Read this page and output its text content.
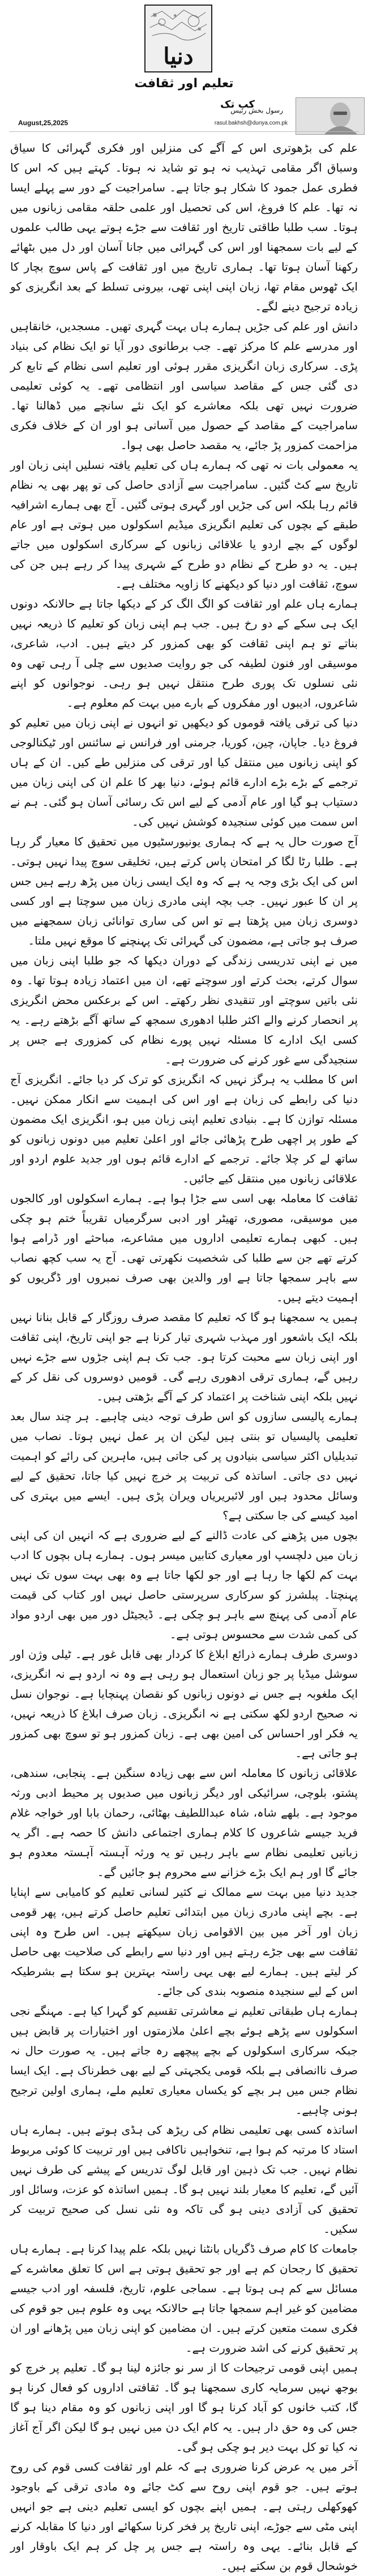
دنیا
تعلیم اور ثقافت
August,25,2025
کب تک
رسول بخش رئیس
rasul.bakhsh@dunya.com.pk

علم کی بڑھوتری اس کے آگے کی منزلیں اور فکری گہرائی کا سیاق وسباق اگر مقامی تہذیب نہ ہو تو شاید نہ ہوتا۔ کہتے ہیں کہ اس کا فطری عمل جمود کا شکار ہو جاتا ہے۔ سامراجیت کے دور سے پہلے ایسا نہ تھا۔ علم کا فروغ، اس کی تحصیل اور علمی حلقہ مقامی زبانوں میں ہوتا۔ سب طلبا طاقتی تاریخ اور ثقافت سے جڑے ہوتے یہی طالب علموں کے لیے بات سمجھنا اور اس کی گہرائی میں جانا آسان اور دل میں بٹھائے رکھنا آسان ہوتا تھا۔ ہماری تاریخ میں اور ثقافت کے پاس سوچ بچار کا ایک ٹھوس مقام تھا، زبان اپنی اپنی تھی، بیرونی تسلط کے بعد انگریزی کو زیادہ ترجیح دینے لگے۔

دانش اور علم کی جڑیں ہمارے ہاں بہت گہری تھیں۔ مسجدیں، خانقاہیں اور مدرسے علم کا مرکز تھے۔ جب برطانوی دور آیا تو ایک نظام کی بنیاد پڑی۔ سرکاری زبان انگریزی مقرر ہوئی اور تعلیم اسی نظام کے تابع کر دی گئی جس کے مقاصد سیاسی اور انتظامی تھے۔ یہ کوئی تعلیمی ضرورت نہیں تھی بلکہ معاشرے کو ایک نئے سانچے میں ڈھالنا تھا۔ سامراجیت کے مقاصد کے حصول میں آسانی ہو اور ان کے خلاف فکری مزاحمت کمزور پڑ جائے، یہ مقصد حاصل بھی ہوا۔

یہ معمولی بات نہ تھی کہ ہمارے ہاں کی تعلیم یافتہ نسلیں اپنی زبان اور تاریخ سے کٹ گئیں۔ سامراجیت سے آزادی حاصل کی تو پھر بھی یہ نظام قائم رہا بلکہ اس کی جڑیں اور گہری ہوتی گئیں۔ آج بھی ہمارے اشرافیہ طبقے کے بچوں کی تعلیم انگریزی میڈیم اسکولوں میں ہوتی ہے اور عام لوگوں کے بچے اردو یا علاقائی زبانوں کے سرکاری اسکولوں میں جاتے ہیں۔ یہ دو طرح کے نظام دو طرح کے شہری پیدا کر رہے ہیں جن کی سوچ، ثقافت اور دنیا کو دیکھنے کا زاویہ مختلف ہے۔

ہمارے ہاں علم اور ثقافت کو الگ الگ کر کے دیکھا جاتا ہے حالانکہ دونوں ایک ہی سکے کے دو رخ ہیں۔ جب ہم اپنی زبان کو تعلیم کا ذریعہ نہیں بناتے تو ہم اپنی ثقافت کو بھی کمزور کر دیتے ہیں۔ ادب، شاعری، موسیقی اور فنون لطیفہ کی جو روایت صدیوں سے چلی آ رہی تھی وہ نئی نسلوں تک پوری طرح منتقل نہیں ہو رہی۔ نوجوانوں کو اپنے شاعروں، ادیبوں اور مفکروں کے بارے میں بہت کم معلوم ہے۔

دنیا کی ترقی یافتہ قوموں کو دیکھیں تو انہوں نے اپنی زبان میں تعلیم کو فروغ دیا۔ جاپان، چین، کوریا، جرمنی اور فرانس نے سائنس اور ٹیکنالوجی کو اپنی زبانوں میں منتقل کیا اور ترقی کی منزلیں طے کیں۔ ان کے ہاں ترجمے کے بڑے بڑے ادارے قائم ہوئے، دنیا بھر کا علم ان کی اپنی زبان میں دستیاب ہو گیا اور عام آدمی کے لیے اس تک رسائی آسان ہو گئی۔ ہم نے اس سمت میں کوئی سنجیدہ کوشش نہیں کی۔

آج صورت حال یہ ہے کہ ہماری یونیورسٹیوں میں تحقیق کا معیار گر رہا ہے۔ طلبا رٹا لگا کر امتحان پاس کرتے ہیں، تخلیقی سوچ پیدا نہیں ہوتی۔ اس کی ایک بڑی وجہ یہ ہے کہ وہ ایک ایسی زبان میں پڑھ رہے ہیں جس پر ان کا عبور نہیں۔ جب بچہ اپنی مادری زبان میں سوچتا ہے اور کسی دوسری زبان میں پڑھتا ہے تو اس کی ساری توانائی زبان سمجھنے میں صرف ہو جاتی ہے، مضمون کی گہرائی تک پہنچنے کا موقع نہیں ملتا۔

میں نے اپنی تدریسی زندگی کے دوران دیکھا کہ جو طلبا اپنی زبان میں سوال کرتے، بحث کرتے اور سوچتے تھے، ان میں اعتماد زیادہ ہوتا تھا۔ وہ نئی باتیں سوچتے اور تنقیدی نظر رکھتے۔ اس کے برعکس محض انگریزی پر انحصار کرنے والے اکثر طلبا ادھوری سمجھ کے ساتھ آگے بڑھتے رہے۔ یہ کسی ایک ادارے کا مسئلہ نہیں پورے نظام کی کمزوری ہے جس پر سنجیدگی سے غور کرنے کی ضرورت ہے۔

اس کا مطلب یہ ہرگز نہیں کہ انگریزی کو ترک کر دیا جائے۔ انگریزی آج دنیا کی رابطے کی زبان ہے اور اس کی اہمیت سے انکار ممکن نہیں۔ مسئلہ توازن کا ہے۔ بنیادی تعلیم اپنی زبان میں ہو، انگریزی ایک مضمون کے طور پر اچھی طرح پڑھائی جائے اور اعلیٰ تعلیم میں دونوں زبانوں کو ساتھ لے کر چلا جائے۔ ترجمے کے ادارے قائم ہوں اور جدید علوم اردو اور علاقائی زبانوں میں منتقل کیے جائیں۔

ثقافت کا معاملہ بھی اسی سے جڑا ہوا ہے۔ ہمارے اسکولوں اور کالجوں میں موسیقی، مصوری، تھیٹر اور ادبی سرگرمیاں تقریباً ختم ہو چکی ہیں۔ کبھی ہمارے تعلیمی اداروں میں مشاعرے، مباحثے اور ڈرامے ہوا کرتے تھے جن سے طلبا کی شخصیت نکھرتی تھی۔ آج یہ سب کچھ نصاب سے باہر سمجھا جاتا ہے اور والدین بھی صرف نمبروں اور ڈگریوں کو اہمیت دیتے ہیں۔

ہمیں یہ سمجھنا ہو گا کہ تعلیم کا مقصد صرف روزگار کے قابل بنانا نہیں بلکہ ایک باشعور اور مہذب شہری تیار کرنا ہے جو اپنی تاریخ، اپنی ثقافت اور اپنی زبان سے محبت کرتا ہو۔ جب تک ہم اپنی جڑوں سے جڑے نہیں رہیں گے، ہماری ترقی ادھوری رہے گی۔ قومیں دوسروں کی نقل کر کے نہیں بلکہ اپنی شناخت پر اعتماد کر کے آگے بڑھتی ہیں۔

ہمارے پالیسی سازوں کو اس طرف توجہ دینی چاہیے۔ ہر چند سال بعد تعلیمی پالیسیاں تو بنتی ہیں لیکن ان پر عمل نہیں ہوتا۔ نصاب میں تبدیلیاں اکثر سیاسی بنیادوں پر کی جاتی ہیں، ماہرین کی رائے کو اہمیت نہیں دی جاتی۔ اساتذہ کی تربیت پر خرچ نہیں کیا جاتا، تحقیق کے لیے وسائل محدود ہیں اور لائبریریاں ویران پڑی ہیں۔ ایسے میں بہتری کی امید کیسے کی جا سکتی ہے؟

بچوں میں پڑھنے کی عادت ڈالنے کے لیے ضروری ہے کہ انہیں ان کی اپنی زبان میں دلچسپ اور معیاری کتابیں میسر ہوں۔ ہمارے ہاں بچوں کا ادب بہت کم لکھا جا رہا ہے اور جو لکھا جاتا ہے وہ بھی بہت سوں تک نہیں پہنچتا۔ پبلشرز کو سرکاری سرپرستی حاصل نہیں اور کتاب کی قیمت عام آدمی کی پہنچ سے باہر ہو چکی ہے۔ ڈیجیٹل دور میں بھی اردو مواد کی کمی شدت سے محسوس ہوتی ہے۔

دوسری طرف ہمارے ذرائع ابلاغ کا کردار بھی قابل غور ہے۔ ٹیلی وژن اور سوشل میڈیا پر جو زبان استعمال ہو رہی ہے وہ نہ اردو ہے نہ انگریزی، ایک ملغوبہ ہے جس نے دونوں زبانوں کو نقصان پہنچایا ہے۔ نوجوان نسل نہ صحیح اردو لکھ سکتی ہے نہ انگریزی۔ زبان صرف ابلاغ کا ذریعہ نہیں، یہ فکر اور احساس کی امین بھی ہے۔ زبان کمزور ہو تو سوچ بھی کمزور ہو جاتی ہے۔

علاقائی زبانوں کا معاملہ اس سے بھی زیادہ سنگین ہے۔ پنجابی، سندھی، پشتو، بلوچی، سرائیکی اور دیگر زبانوں میں صدیوں پر محیط ادبی ورثہ موجود ہے۔ بلھے شاہ، شاہ عبداللطیف بھٹائی، رحمان بابا اور خواجہ غلام فرید جیسے شاعروں کا کلام ہماری اجتماعی دانش کا حصہ ہے۔ اگر یہ زبانیں تعلیمی نظام سے باہر رہیں تو یہ ورثہ آہستہ آہستہ معدوم ہو جائے گا اور ہم ایک بڑے خزانے سے محروم ہو جائیں گے۔

جدید دنیا میں بہت سے ممالک نے کثیر لسانی تعلیم کو کامیابی سے اپنایا ہے۔ بچے اپنی مادری زبان میں ابتدائی تعلیم حاصل کرتے ہیں، پھر قومی زبان اور آخر میں بین الاقوامی زبان سیکھتے ہیں۔ اس طرح وہ اپنی ثقافت سے بھی جڑے رہتے ہیں اور دنیا سے رابطے کی صلاحیت بھی حاصل کر لیتے ہیں۔ ہمارے لیے بھی یہی راستہ بہترین ہو سکتا ہے بشرطیکہ اس کے لیے سنجیدہ منصوبہ بندی کی جائے۔

ہمارے ہاں طبقاتی تعلیم نے معاشرتی تقسیم کو گہرا کیا ہے۔ مہنگے نجی اسکولوں سے پڑھے ہوئے بچے اعلیٰ ملازمتوں اور اختیارات پر قابض ہیں جبکہ سرکاری اسکولوں کے بچے پیچھے رہ جاتے ہیں۔ یہ صورت حال نہ صرف ناانصافی ہے بلکہ قومی یکجہتی کے لیے بھی خطرناک ہے۔ ایک ایسا نظام جس میں ہر بچے کو یکساں معیاری تعلیم ملے، ہماری اولین ترجیح ہونی چاہیے۔

اساتذہ کسی بھی تعلیمی نظام کی ریڑھ کی ہڈی ہوتے ہیں۔ ہمارے ہاں استاد کا مرتبہ کم ہوا ہے، تنخواہیں ناکافی ہیں اور تربیت کا کوئی مربوط نظام نہیں۔ جب تک ذہین اور قابل لوگ تدریس کے پیشے کی طرف نہیں آئیں گے، تعلیم کا معیار بلند نہیں ہو گا۔ ہمیں اساتذہ کو عزت، وسائل اور تحقیق کی آزادی دینی ہو گی تاکہ وہ نئی نسل کی صحیح تربیت کر سکیں۔

جامعات کا کام صرف ڈگریاں بانٹنا نہیں بلکہ علم پیدا کرنا ہے۔ ہمارے ہاں تحقیق کا رجحان کم ہے اور جو تحقیق ہوتی ہے اس کا تعلق معاشرے کے مسائل سے کم ہی ہوتا ہے۔ سماجی علوم، تاریخ، فلسفہ اور ادب جیسے مضامین کو غیر اہم سمجھا جاتا ہے حالانکہ یہی وہ علوم ہیں جو قوم کی فکری سمت متعین کرتے ہیں۔ ان مضامین کو اپنی زبان میں پڑھانے اور ان پر تحقیق کرنے کی اشد ضرورت ہے۔

ہمیں اپنی قومی ترجیحات کا از سر نو جائزہ لینا ہو گا۔ تعلیم پر خرچ کو بوجھ نہیں سرمایہ کاری سمجھنا ہو گا۔ ثقافتی اداروں کو فعال کرنا ہو گا، کتب خانوں کو آباد کرنا ہو گا اور اپنی زبانوں کو وہ مقام دینا ہو گا جس کی وہ حق دار ہیں۔ یہ کام ایک دن میں نہیں ہو گا لیکن اگر آج آغاز نہ کیا تو کل بہت دیر ہو چکی ہو گی۔

آخر میں یہ عرض کرنا ضروری ہے کہ علم اور ثقافت کسی قوم کی روح ہوتے ہیں۔ جو قوم اپنی روح سے کٹ جائے وہ مادی ترقی کے باوجود کھوکھلی رہتی ہے۔ ہمیں اپنے بچوں کو ایسی تعلیم دینی ہے جو انہیں اپنی مٹی سے جوڑے، اپنی تاریخ پر فخر کرنا سکھائے اور دنیا کا مقابلہ کرنے کے قابل بنائے۔ یہی وہ راستہ ہے جس پر چل کر ہم ایک باوقار اور خوشحال قوم بن سکتے ہیں۔
